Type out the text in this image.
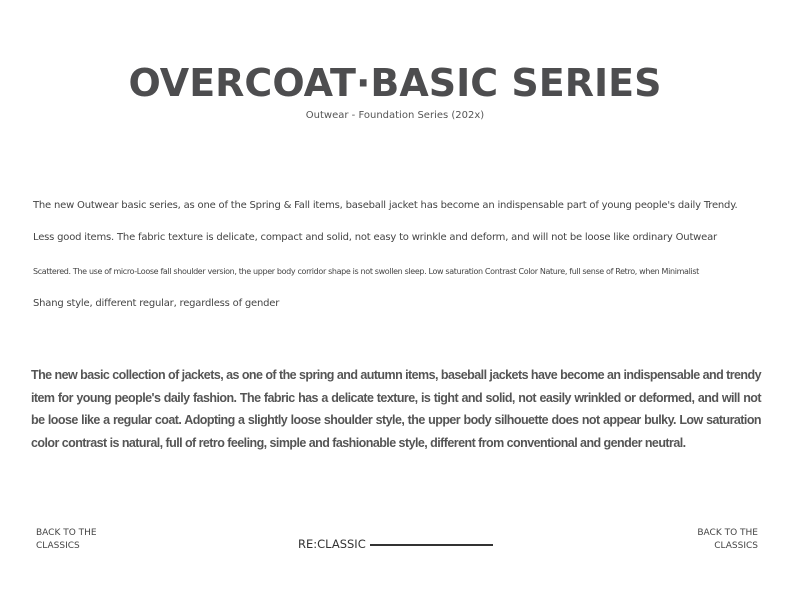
OVERCOAT·BASIC SERIES

Outwear - Foundation Series (202x)

The new Outwear basic series, as one of the Spring & Fall items, baseball jacket has become an indispensable part of young people's daily Trendy.

Less good items. The fabric texture is delicate, compact and solid, not easy to wrinkle and deform, and will not be loose like ordinary Outwear

Scattered. The use of micro-Loose fall shoulder version, the upper body corridor shape is not swollen sleep. Low saturation Contrast Color Nature, full sense of Retro, when Minimalist

Shang style, different regular, regardless of gender

The new basic collection of jackets, as one of the spring and autumn items, baseball jackets have become an indispensable and trendy item for young people's daily fashion. The fabric has a delicate texture, is tight and solid, not easily wrinkled or deformed, and will not be loose like a regular coat. Adopting a slightly loose shoulder style, the upper body silhouette does not appear bulky. Low saturation color contrast is natural, full of retro feeling, simple and fashionable style, different from conventional and gender neutral.

BACK TO THE
CLASSICS	RE:CLASSIC

BACK TO THE
CLASSICS
